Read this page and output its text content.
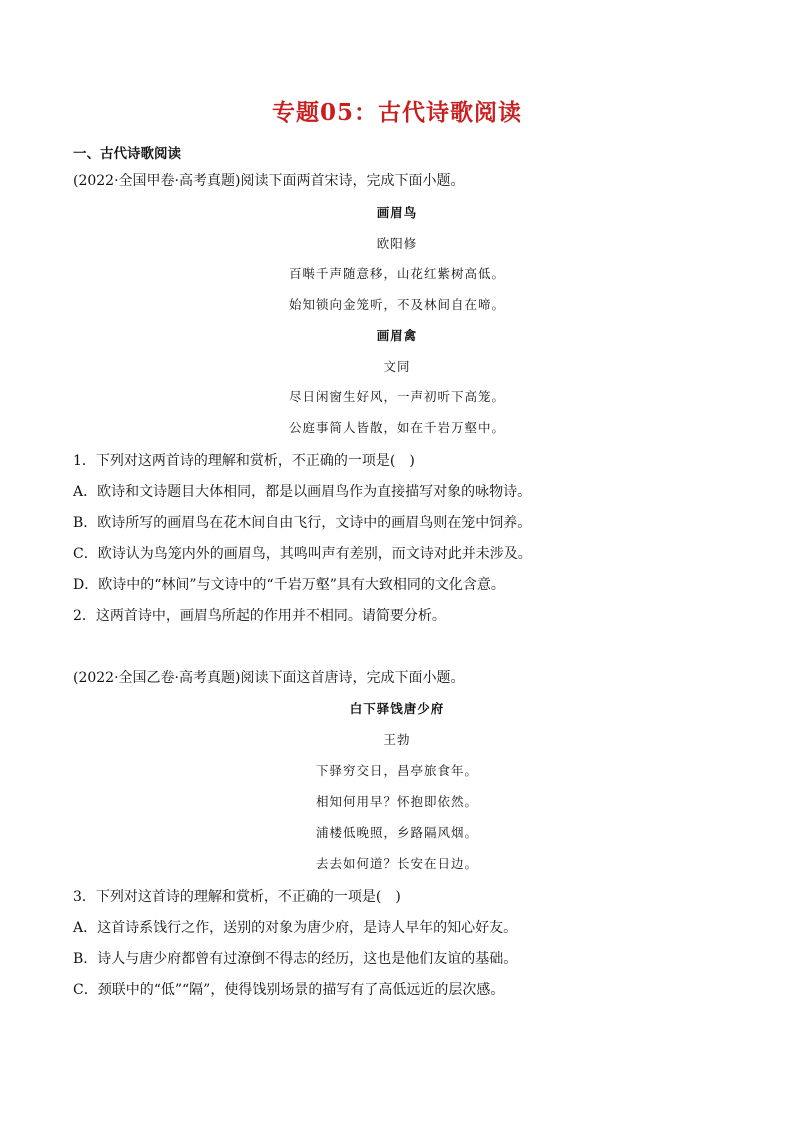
专题05：古代诗歌阅读
一、古代诗歌阅读
(2022·全国甲卷·高考真题)阅读下面两首宋诗，完成下面小题。
画眉鸟
欧阳修
百啭千声随意移，山花红紫树高低。
始知锁向金笼听，不及林间自在啼。
画眉禽
文同
尽日闲窗生好风，一声初听下高笼。
公庭事简人皆散，如在千岩万壑中。
1．下列对这两首诗的理解和赏析，不正确的一项是(　)
A．欧诗和文诗题目大体相同，都是以画眉鸟作为直接描写对象的咏物诗。
B．欧诗所写的画眉鸟在花木间自由飞行，文诗中的画眉鸟则在笼中饲养。
C．欧诗认为鸟笼内外的画眉鸟，其鸣叫声有差别，而文诗对此并未涉及。
D．欧诗中的“林间”与文诗中的“千岩万壑”具有大致相同的文化含意。
2．这两首诗中，画眉鸟所起的作用并不相同。请简要分析。
(2022·全国乙卷·高考真题)阅读下面这首唐诗，完成下面小题。
白下驿饯唐少府
王勃
下驿穷交日，昌亭旅食年。
相知何用早？怀抱即依然。
浦楼低晚照，乡路隔风烟。
去去如何道？长安在日边。
3．下列对这首诗的理解和赏析，不正确的一项是(　)
A．这首诗系饯行之作，送别的对象为唐少府，是诗人早年的知心好友。
B．诗人与唐少府都曾有过潦倒不得志的经历，这也是他们友谊的基础。
C．颈联中的“低”“隔”，使得饯别场景的描写有了高低远近的层次感。
